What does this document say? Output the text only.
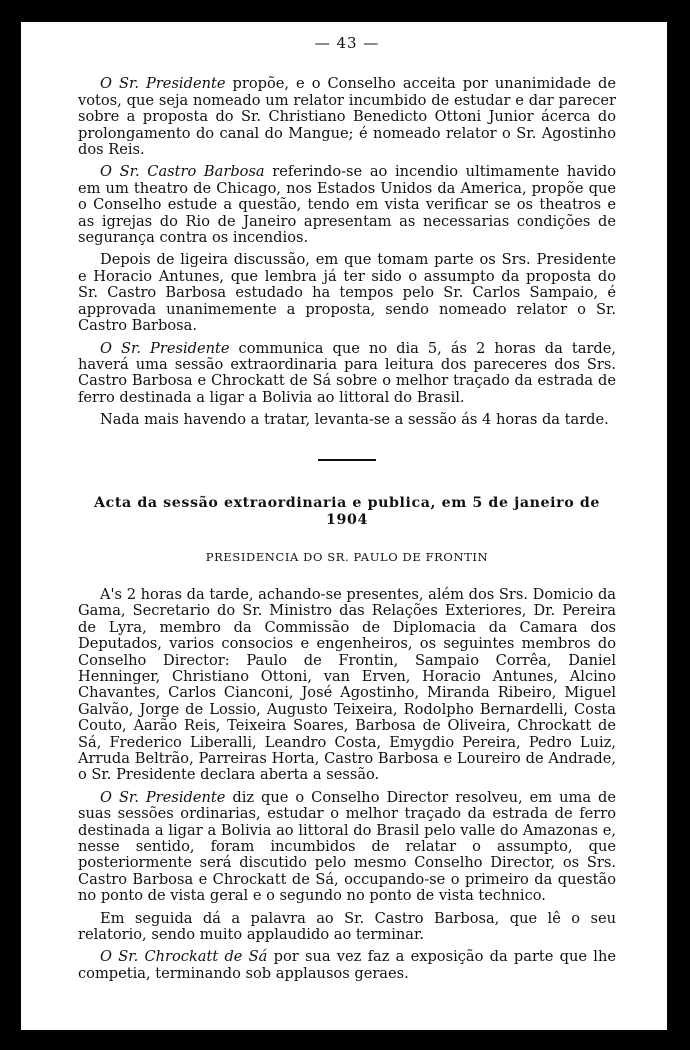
— 43 —

O Sr. Presidente propõe, e o Conselho acceita por unanimidade de votos, que seja nomeado um relator incumbido de estudar e dar parecer sobre a proposta do Sr. Christiano Benedicto Ottoni Junior ácerca do prolongamento do canal do Mangue; é nomeado relator o Sr. Agostinho dos Reis.

O Sr. Castro Barbosa referindo-se ao incendio ultimamente havido em um theatro de Chicago, nos Estados Unidos da America, propõe que o Conselho estude a questão, tendo em vista verificar se os theatros e as igrejas do Rio de Janeiro apresentam as necessarias condições de segurança contra os incendios.

Depois de ligeira discussão, em que tomam parte os Srs. Presidente e Horacio Antunes, que lembra já ter sido o assumpto da proposta do Sr. Castro Barbosa estudado ha tempos pelo Sr. Carlos Sampaio, é approvada unanimemente a proposta, sendo nomeado relator o Sr. Castro Barbosa.

O Sr. Presidente communica que no dia 5, ás 2 horas da tarde, haverá uma sessão extraordinaria para leitura dos pareceres dos Srs. Castro Barbosa e Chrockatt de Sá sobre o melhor traçado da estrada de ferro destinada a ligar a Bolivia ao littoral do Brasil.

Nada mais havendo a tratar, levanta-se a sessão ás 4 horas da tarde.

Acta da sessão extraordinaria e publica, em 5 de janeiro de 1904
PRESIDENCIA DO SR. PAULO DE FRONTIN

A's 2 horas da tarde, achando-se presentes, além dos Srs. Domicio da Gama, Secretario do Sr. Ministro das Relações Exteriores, Dr. Pereira de Lyra, membro da Commissão de Diplomacia da Camara dos Deputados, varios consocios e engenheiros, os seguintes membros do Conselho Director: Paulo de Frontin, Sampaio Corrêa, Daniel Henninger, Christiano Ottoni, van Erven, Horacio Antunes, Alcino Chavantes, Carlos Cianconi, José Agostinho, Miranda Ribeiro, Miguel Galvão, Jorge de Lossio, Augusto Teixeira, Rodolpho Bernardelli, Costa Couto, Aarão Reis, Teixeira Soares, Barbosa de Oliveira, Chrockatt de Sá, Frederico Liberalli, Leandro Costa, Emygdio Pereira, Pedro Luiz, Arruda Beltrão, Parreiras Horta, Castro Barbosa e Loureiro de Andrade, o Sr. Presidente declara aberta a sessão.

O Sr. Presidente diz que o Conselho Director resolveu, em uma de suas sessões ordinarias, estudar o melhor traçado da estrada de ferro destinada a ligar a Bolivia ao littoral do Brasil pelo valle do Amazonas e, nesse sentido, foram incumbidos de relatar o assumpto, que posteriormente será discutido pelo mesmo Conselho Director, os Srs. Castro Barbosa e Chrockatt de Sá, occupando-se o primeiro da questão no ponto de vista geral e o segundo no ponto de vista technico.

Em seguida dá a palavra ao Sr. Castro Barbosa, que lê o seu relatorio, sendo muito applaudido ao terminar.

O Sr. Chrockatt de Sá por sua vez faz a exposição da parte que lhe competia, terminando sob applausos geraes.
